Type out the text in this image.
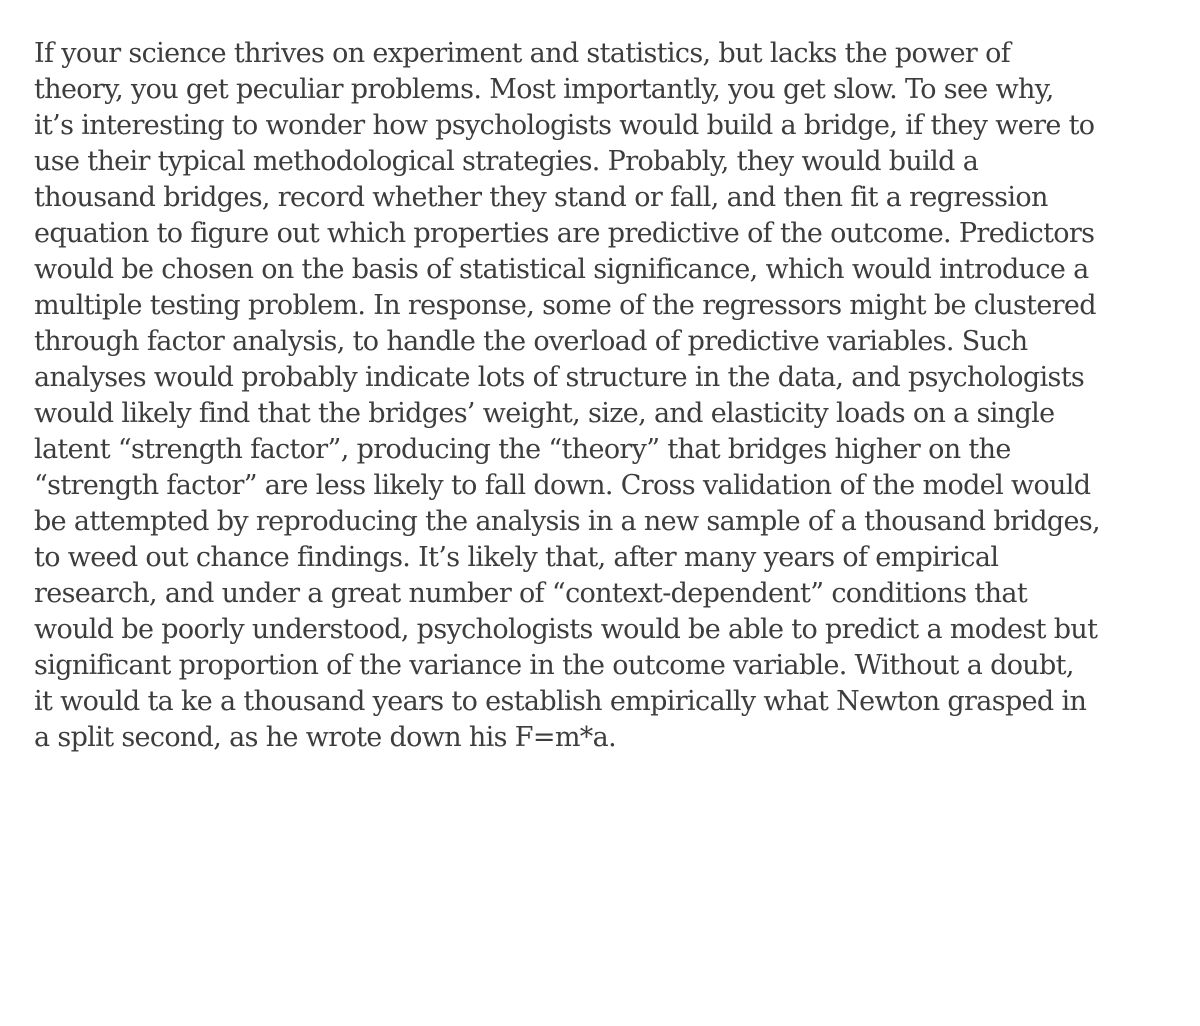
If your science thrives on experiment and statistics, but lacks the power of
theory, you get peculiar problems. Most importantly, you get slow. To see why,
it’s interesting to wonder how psychologists would build a bridge, if they were to
use their typical methodological strategies. Probably, they would build a
thousand bridges, record whether they stand or fall, and then fit a regression
equation to figure out which properties are predictive of the outcome. Predictors
would be chosen on the basis of statistical significance, which would introduce a
multiple testing problem. In response, some of the regressors might be clustered
through factor analysis, to handle the overload of predictive variables. Such
analyses would probably indicate lots of structure in the data, and psychologists
would likely find that the bridges’ weight, size, and elasticity loads on a single
latent “strength factor”, producing the “theory” that bridges higher on the
“strength factor” are less likely to fall down. Cross validation of the model would
be attempted by reproducing the analysis in a new sample of a thousand bridges,
to weed out chance findings. It’s likely that, after many years of empirical
research, and under a great number of “context-dependent” conditions that
would be poorly understood, psychologists would be able to predict a modest but
significant proportion of the variance in the outcome variable. Without a doubt,
it would ta ke a thousand years to establish empirically what Newton grasped in
a split second, as he wrote down his F=m*a.
